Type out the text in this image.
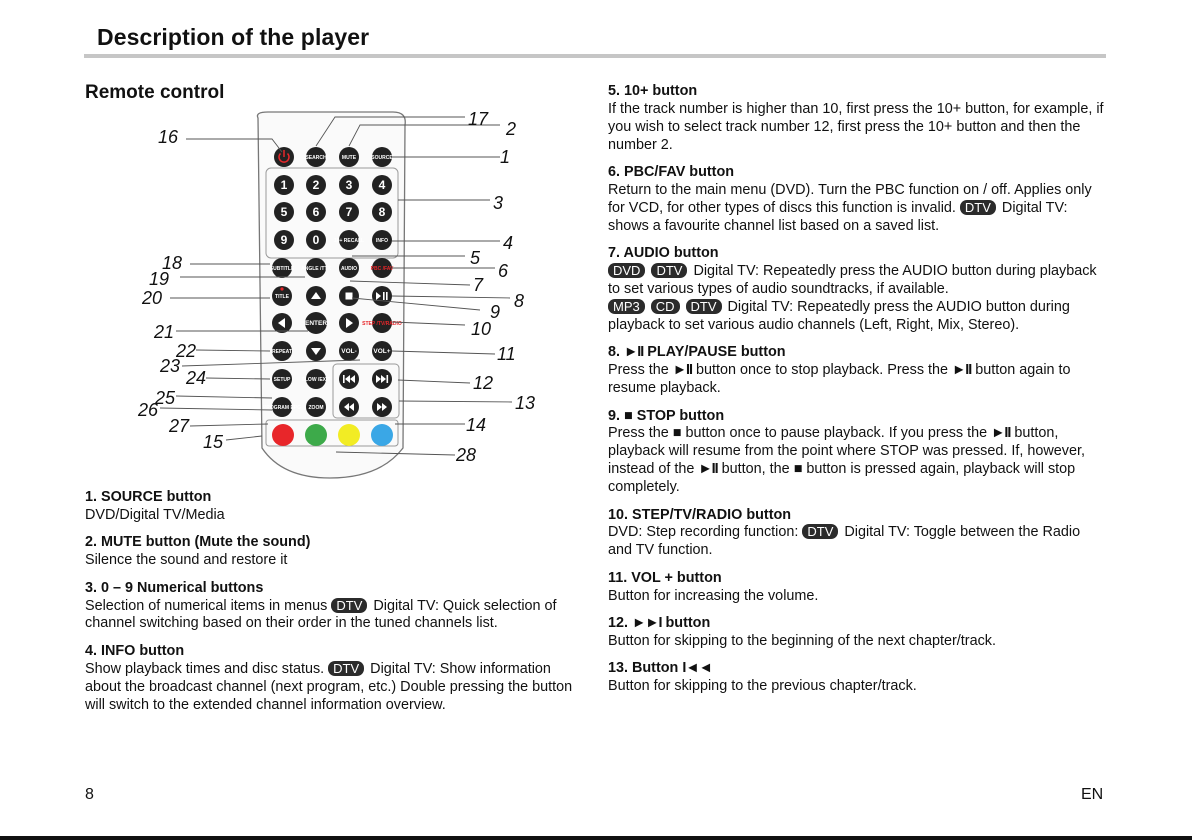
Description of the player
Remote control
SEARCH	MUTE	SOURCE
1 2 3 4
5 6 7 8
9 0	10+ RECALL INFO
SUBTITLE ANGLE /TTX AUDIO	PBC /FAV
TITLE
ENTER	STEP /TV/RADIO
REPEAT	VOL-	VOL+
SETUP SLOW /EXIT
PROGRAM EPG ZOOM
16
17 2
1
3
4
5
6
7
8
9
10
11
12
13
14
15
18
19
20
21
22
23
24
25
26
27
28
1. SOURCE button
DVD/Digital TV/Media
2. MUTE button (Mute the sound)
Silence the sound and restore it
3. 0 – 9 Numerical buttons
Selection of numerical items in menus DTV Digital TV: Quick selection of channel switching based on their order in the tuned channels list.
4. INFO button
Show playback times and disc status. DTV Digital TV: Show information about the broadcast channel (next program, etc.) Double pressing the button will switch to the extended channel information overview.
5. 10+ button
If the track number is higher than 10, first press the 10+ button, for example, if you wish to select track number 12, first press the 10+ button and then the number 2.
6. PBC/FAV button
Return to the main menu (DVD). Turn the PBC function on / off. Applies only for VCD, for other types of discs this function is invalid. DTV Digital TV: shows a favourite channel list based on a saved list.
7. AUDIO button
DVD DTV Digital TV: Repeatedly press the AUDIO button during playback to set various types of audio soundtracks, if available.
MP3 CD DTV Digital TV: Repeatedly press the AUDIO button during playback to set various audio channels (Left, Right, Mix, Stereo).
8. ►II PLAY/PAUSE button
Press the ►II button once to stop playback. Press the ►II button again to resume playback.
9. ■ STOP button
Press the ■ button once to pause playback. If you press the ►II button, playback will resume from the point where STOP was pressed. If, however, instead of the ►II button, the ■ button is pressed again, playback will stop completely.
10. STEP/TV/RADIO button
DVD: Step recording function: DTV Digital TV: Toggle between the Radio and TV function.
11. VOL + button
Button for increasing the volume.
12. ►►I button
Button for skipping to the beginning of the next chapter/track.
13. Button I◄◄
Button for skipping to the previous chapter/track.
8	EN
